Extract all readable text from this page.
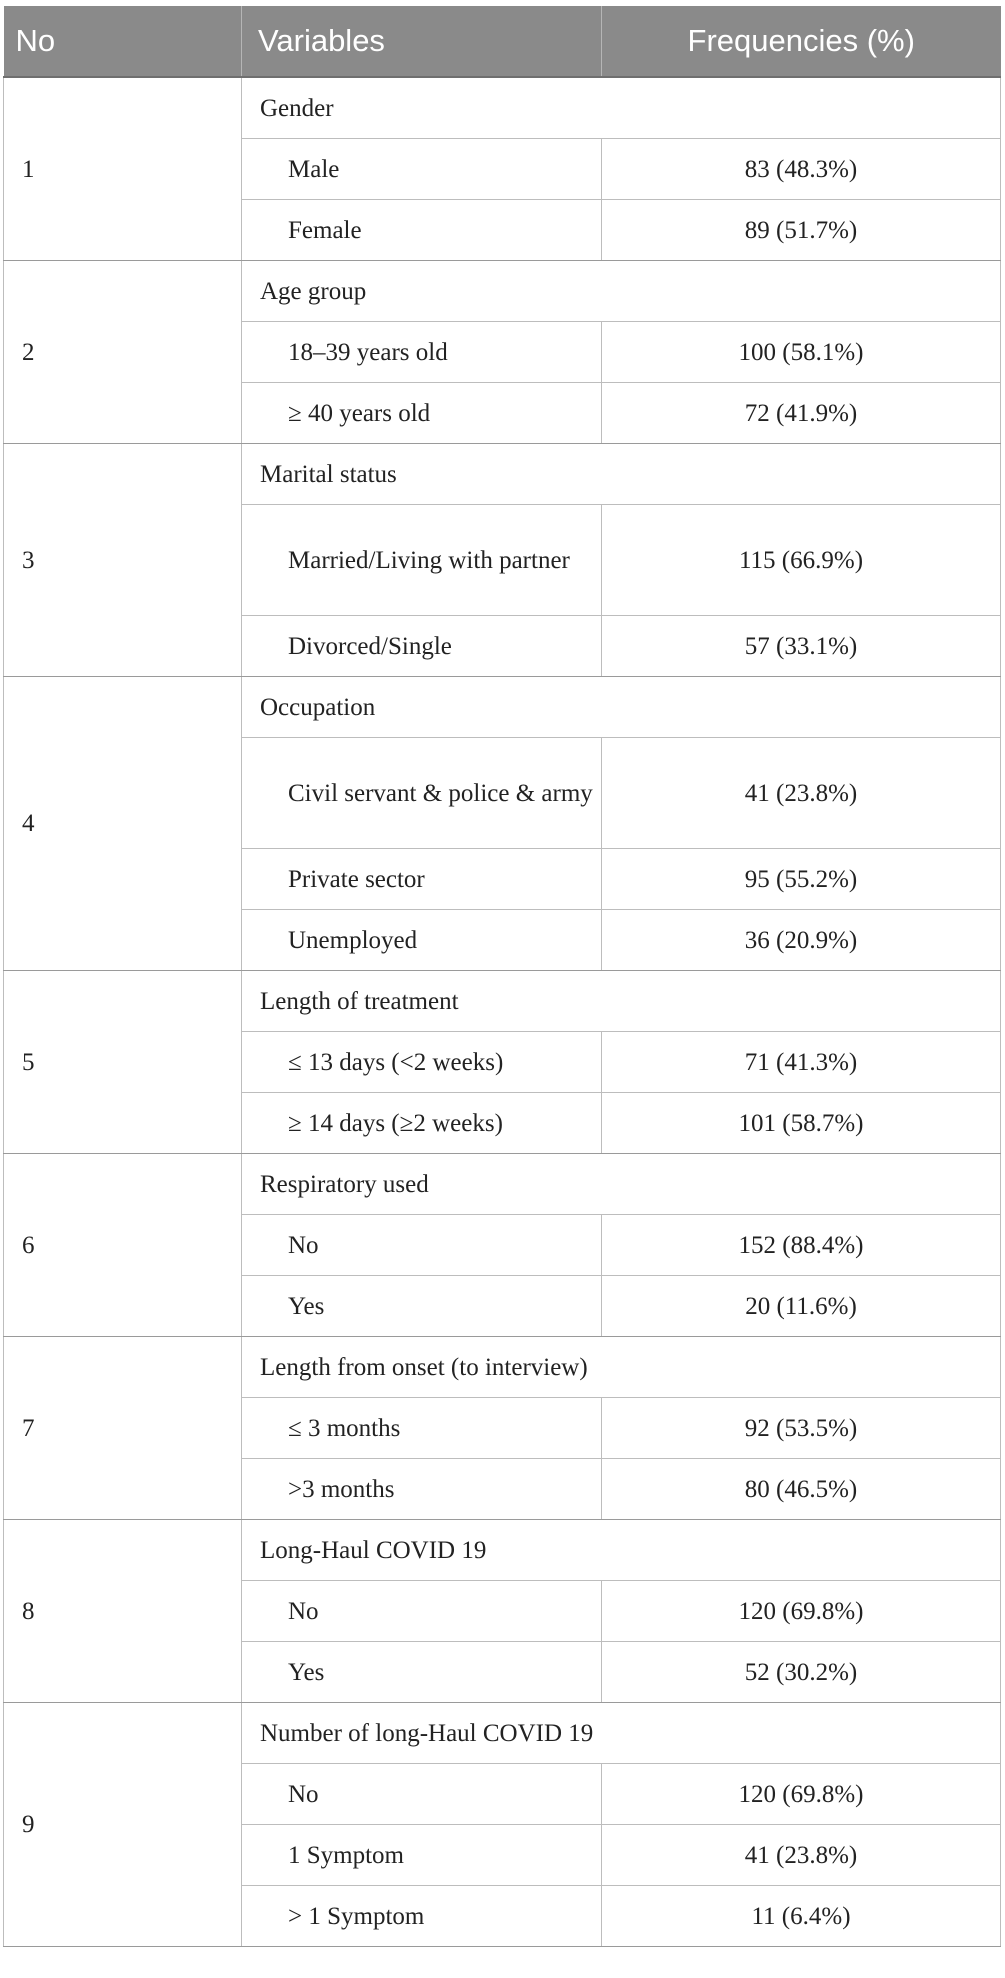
No	Variables	Frequencies (%)
1	Gender	
	Male	83 (48.3%)
	Female	89 (51.7%)
2	Age group	
	18–39 years old	100 (58.1%)
	≥ 40 years old	72 (41.9%)
3	Marital status	
	Married/Living with partner	115 (66.9%)
	Divorced/Single	57 (33.1%)
4	Occupation	
	Civil servant & police & army	41 (23.8%)
	Private sector	95 (55.2%)
	Unemployed	36 (20.9%)
5	Length of treatment	
	≤ 13 days (<2 weeks)	71 (41.3%)
	≥ 14 days (≥2 weeks)	101 (58.7%)
6	Respiratory used	
	No	152 (88.4%)
	Yes	20 (11.6%)
7	Length from onset (to interview)	
	≤ 3 months	92 (53.5%)
	>3 months	80 (46.5%)
8	Long-Haul COVID 19	
	No	120 (69.8%)
	Yes	52 (30.2%)
9	Number of long-Haul COVID 19	
	No	120 (69.8%)
	1 Symptom	41 (23.8%)
	> 1 Symptom	11 (6.4%)
